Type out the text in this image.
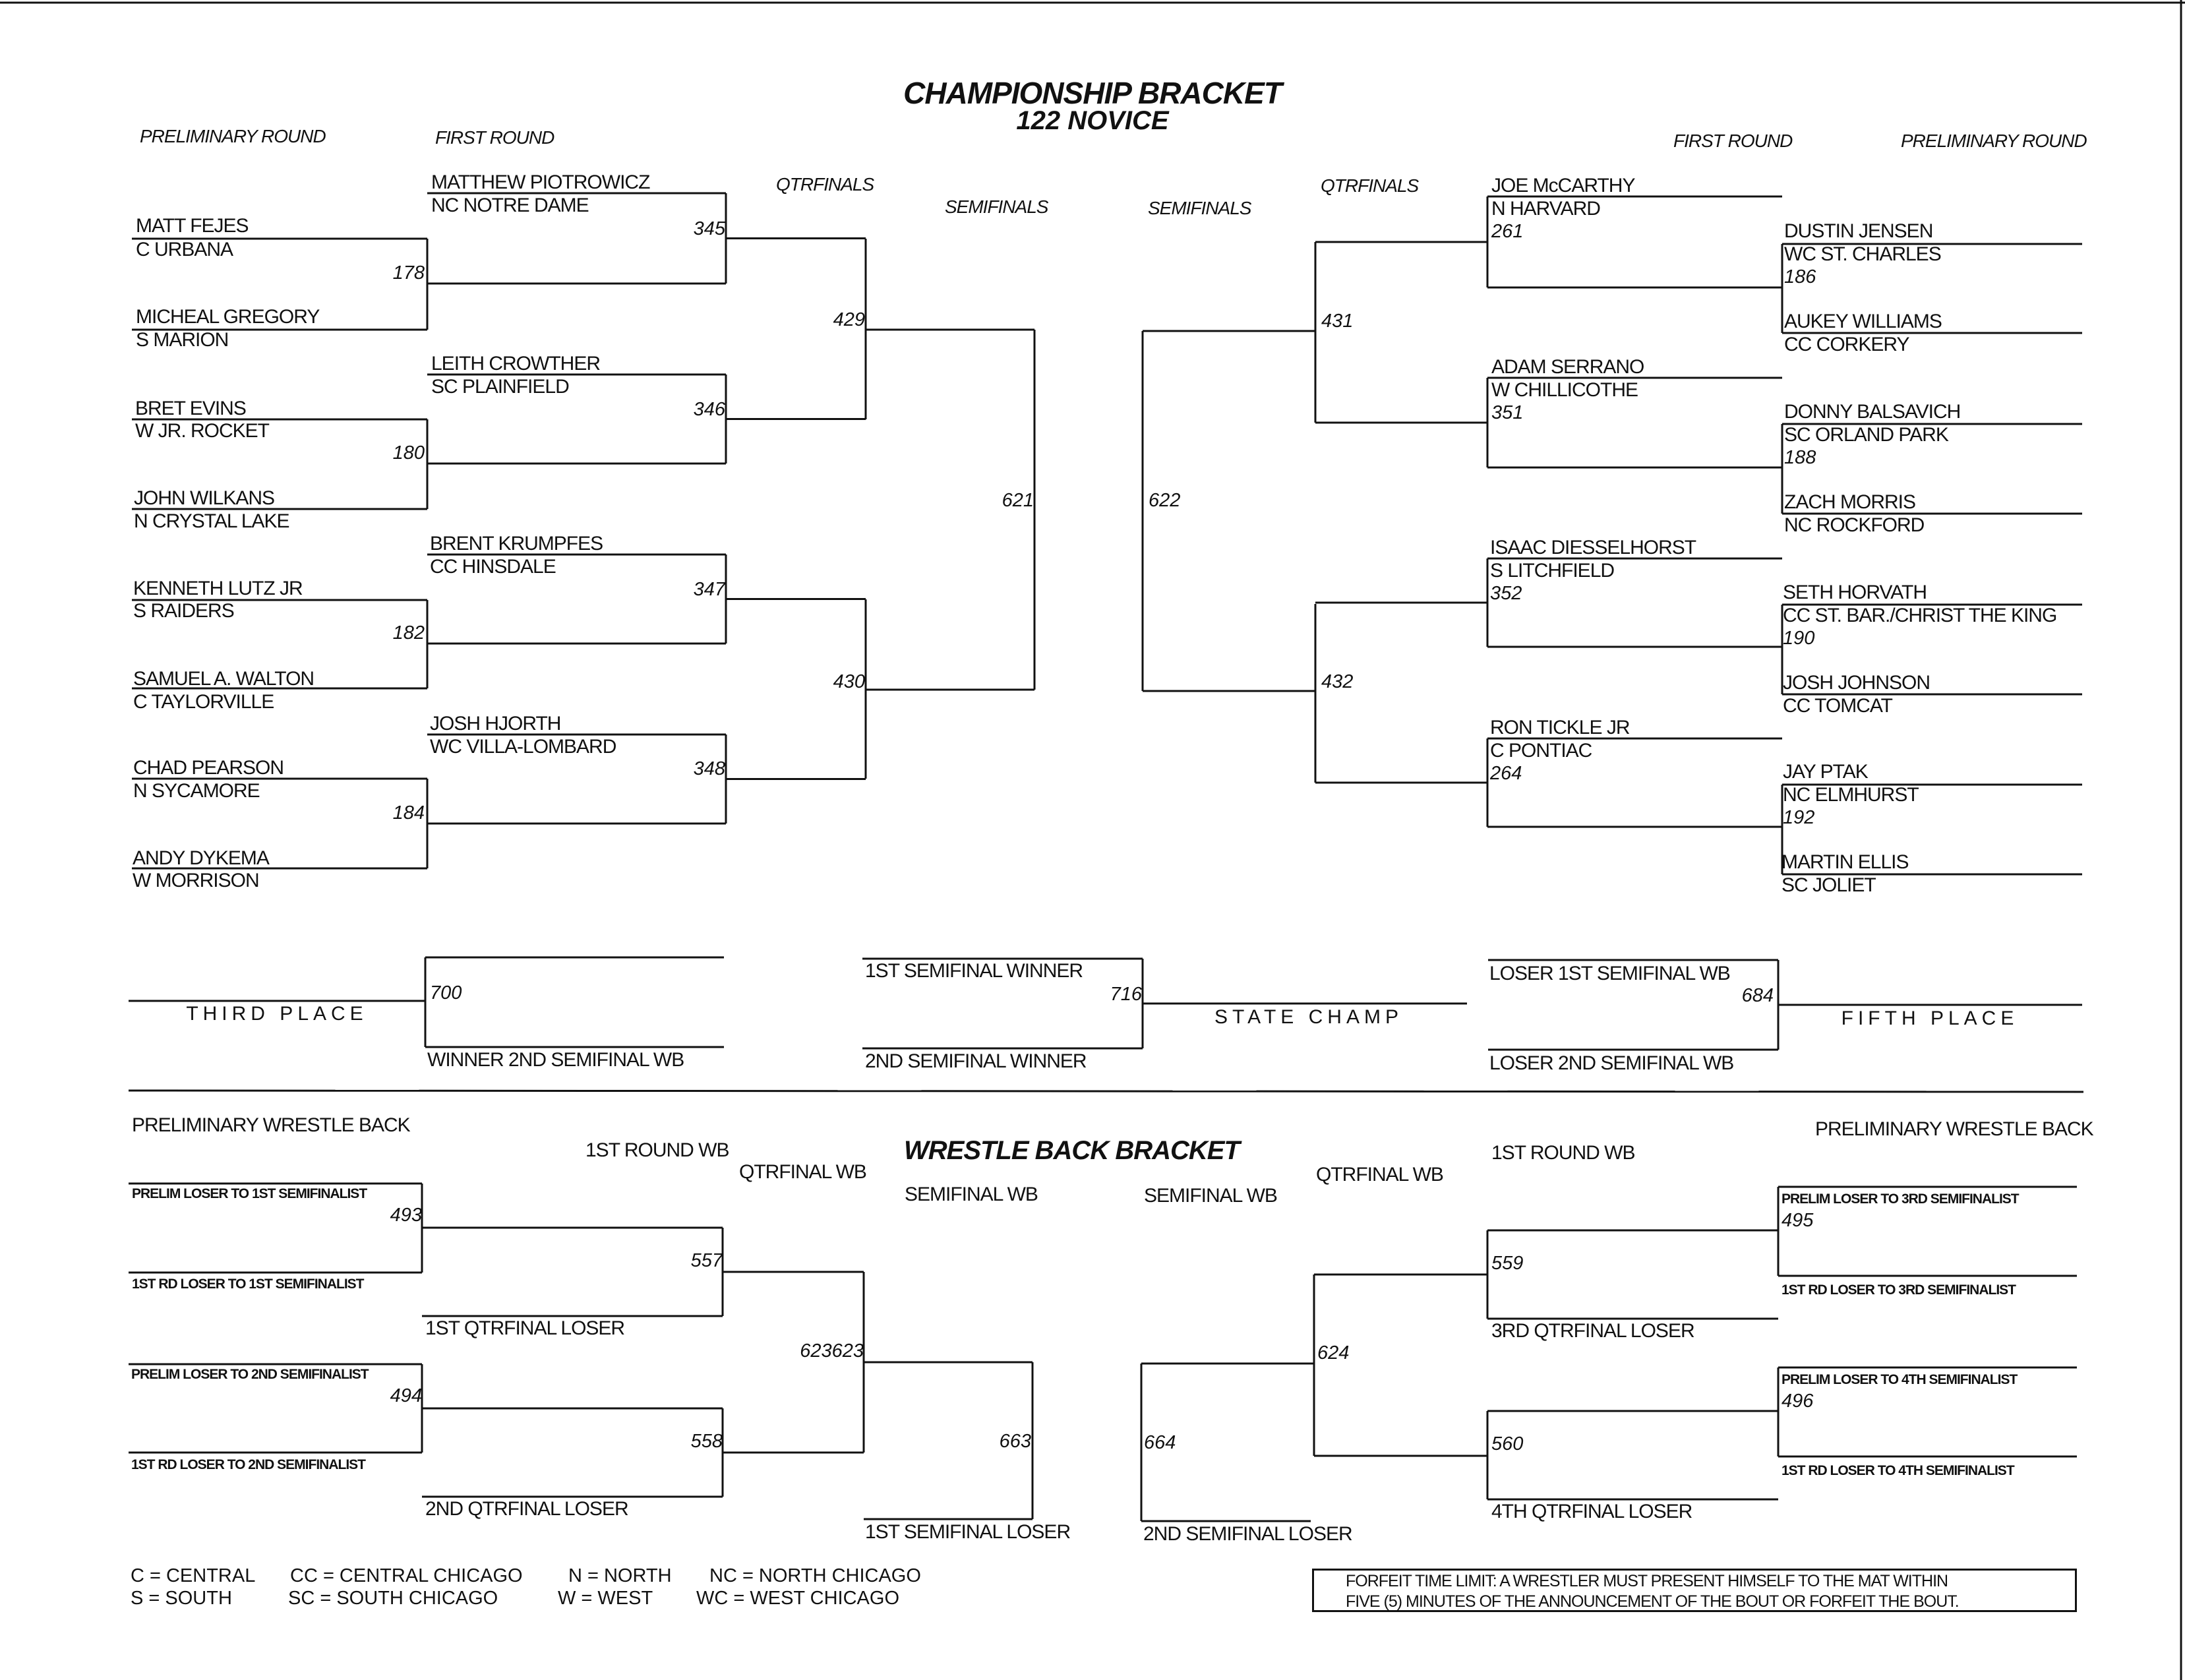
CHAMPIONSHIP BRACKET
122 NOVICE
PRELIMINARY ROUND	FIRST ROUND
QTRFINALS
SEMIFINALS	SEMIFINALS
QTRFINALS
FIRST ROUND	PRELIMINARY ROUND
MATT FEJES
C URBANA
MICHEAL GREGORY
S MARION
BRET EVINS
W JR. ROCKET
JOHN WILKANS
N CRYSTAL LAKE
KENNETH LUTZ JR
S RAIDERS
SAMUEL A. WALTON
C TAYLORVILLE
CHAD PEARSON
N SYCAMORE
ANDY DYKEMA
W MORRISON
178
180
182
184
MATTHEW PIOTROWICZ
NC NOTRE DAME
LEITH CROWTHER
SC PLAINFIELD
BRENT KRUMPFES
CC HINSDALE
JOSH HJORTH
WC VILLA-LOMBARD
345
346
347
348
429
430
621	622
431
432
JOE McCARTHY
N HARVARD
261
ADAM SERRANO
W CHILLICOTHE
351
ISAAC DIESSELHORST
S LITCHFIELD
352
RON TICKLE JR
C PONTIAC
264
DUSTIN JENSEN
WC ST. CHARLES
186
AUKEY WILLIAMS
CC CORKERY
DONNY BALSAVICH
SC ORLAND PARK
188
ZACH MORRIS
NC ROCKFORD
SETH HORVATH
CC ST. BAR./CHRIST THE KING
190
JOSH JOHNSON
CC TOMCAT
JAY PTAK
NC ELMHURST
192
MARTIN ELLIS
SC JOLIET
THIRD PLACE
700
WINNER 2ND SEMIFINAL WB
1ST SEMIFINAL WINNER
716
STATE CHAMP
2ND SEMIFINAL WINNER
LOSER 1ST SEMIFINAL WB
684
FIFTH PLACE
LOSER 2ND SEMIFINAL WB
WRESTLE BACK BRACKET
PRELIMINARY WRESTLE BACK
1ST ROUND WB
QTRFINAL WB
SEMIFINAL WB	SEMIFINAL WB
QTRFINAL WB
1ST ROUND WB
PRELIMINARY WRESTLE BACK
PRELIM LOSER TO 1ST SEMIFINALIST
493
1ST RD LOSER TO 1ST SEMIFINALIST
PRELIM LOSER TO 2ND SEMIFINALIST
494
1ST RD LOSER TO 2ND SEMIFINALIST
557
1ST QTRFINAL LOSER
558
2ND QTRFINAL LOSER
623623
663
1ST SEMIFINAL LOSER
664
2ND SEMIFINAL LOSER
624
559
3RD QTRFINAL LOSER
560
4TH QTRFINAL LOSER
PRELIM LOSER TO 3RD SEMIFINALIST
495
1ST RD LOSER TO 3RD SEMIFINALIST
PRELIM LOSER TO 4TH SEMIFINALIST
496
1ST RD LOSER TO 4TH SEMIFINALIST
C = CENTRAL
S = SOUTH
CC = CENTRAL CHICAGO
SC = SOUTH CHICAGO
N = NORTH
W = WEST
NC = NORTH CHICAGO
WC = WEST CHICAGO
FORFEIT TIME LIMIT: A WRESTLER MUST PRESENT HIMSELF TO THE MAT WITHIN
FIVE (5) MINUTES OF THE ANNOUNCEMENT OF THE BOUT OR FORFEIT THE BOUT.
